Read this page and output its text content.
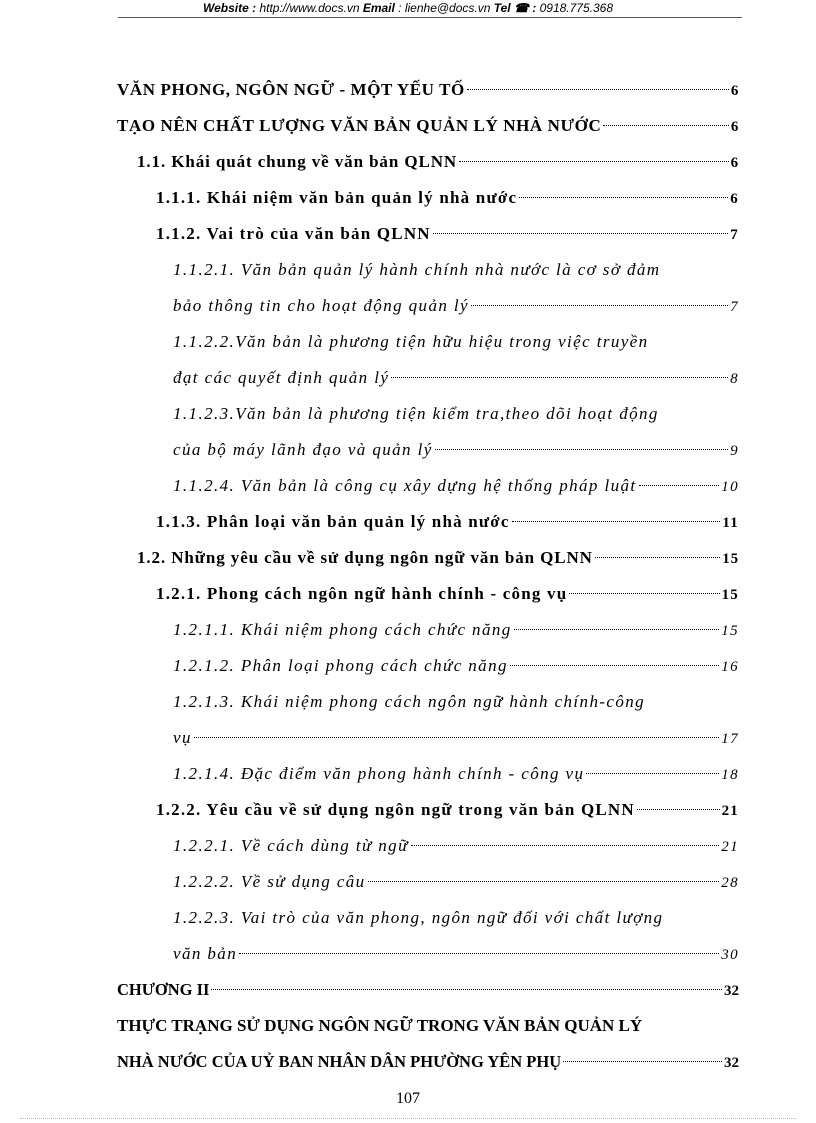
Website : http://www.docs.vn Email : lienhe@docs.vn Tel ☎ : 0918.775.368
VĂN PHONG, NGÔN NGỮ - MỘT YẾU TỐ	6
TẠO NÊN CHẤT LƯỢNG VĂN BẢN QUẢN LÝ NHÀ NƯỚC	6
1.1. Khái quát chung về văn bản QLNN	6
1.1.1. Khái niệm văn bản quản lý nhà nước	6
1.1.2. Vai trò của văn bản QLNN	7
1.1.2.1. Văn bản quản lý hành chính nhà nước là cơ sở đảm
bảo thông tin cho hoạt động quản lý	7
1.1.2.2.Văn bản là phương tiện hữu hiệu trong việc truyền
đạt các quyết định quản lý	8
1.1.2.3.Văn bản là phương tiện kiểm tra,theo dõi hoạt động
của bộ máy lãnh đạo và quản lý	9
1.1.2.4. Văn bản là công cụ xây dựng hệ thống pháp luật	10
1.1.3. Phân loại văn bản quản lý nhà nước	11
1.2. Những yêu cầu về sử dụng ngôn ngữ văn bản QLNN	15
1.2.1. Phong cách ngôn ngữ hành chính - công vụ	15
1.2.1.1. Khái niệm phong cách chức năng	15
1.2.1.2. Phân loại phong cách chức năng	16
1.2.1.3. Khái niệm phong cách ngôn ngữ hành chính-công
vụ	17
1.2.1.4. Đặc điểm văn phong hành chính - công vụ	18
1.2.2. Yêu cầu về sử dụng ngôn ngữ trong văn bản QLNN	21
1.2.2.1. Về cách dùng từ ngữ	21
1.2.2.2. Về sử dụng câu	28
1.2.2.3. Vai trò của văn phong, ngôn ngữ đối với chất lượng
văn bản	30
CHƯƠNG II	32
THỰC TRẠNG SỬ DỤNG NGÔN NGỮ TRONG VĂN BẢN QUẢN LÝ
NHÀ NƯỚC CỦA UỶ BAN NHÂN DÂN PHƯỜNG YÊN PHỤ	32
107
